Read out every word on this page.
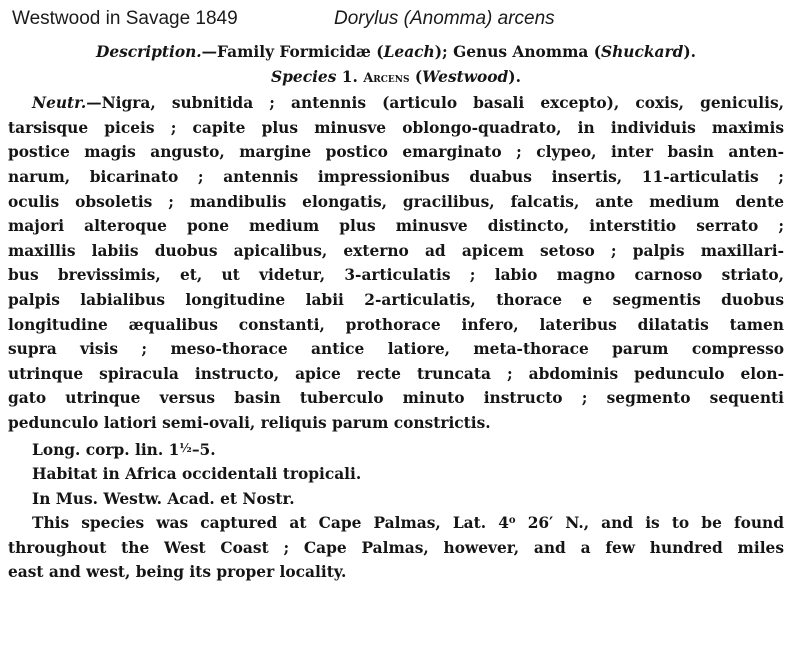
Westwood in Savage 1849	Dorylus (Anomma) arcens
Description.—Family Formicidæ (Leach); Genus Anomma (Shuckard).
Species 1. Arcens (Westwood).
Neutr.—Nigra, subnitida ; antennis (articulo basali excepto), coxis, geniculis,
tarsisque piceis ; capite plus minusve oblongo-quadrato, in individuis maximis
postice magis angusto, margine postico emarginato ; clypeo, inter basin anten-
narum, bicarinato ; antennis impressionibus duabus insertis, 11-articulatis ;
oculis obsoletis ; mandibulis elongatis, gracilibus, falcatis, ante medium dente
majori alteroque pone medium plus minusve distincto, interstitio serrato ;
maxillis labiis duobus apicalibus, externo ad apicem setoso ; palpis maxillari-
bus brevissimis, et, ut videtur, 3-articulatis ; labio magno carnoso striato,
palpis labialibus longitudine labii 2-articulatis, thorace e segmentis duobus
longitudine æqualibus constanti, prothorace infero, lateribus dilatatis tamen
supra visis ; meso-thorace antice latiore, meta-thorace parum compresso
utrinque spiracula instructo, apice recte truncata ; abdominis pedunculo elon-
gato utrinque versus basin tuberculo minuto instructo ; segmento sequenti
pedunculo latiori semi-ovali, reliquis parum constrictis.
Long. corp. lin. 1½–5.
Habitat in Africa occidentali tropicali.
In Mus. Westw. Acad. et Nostr.
This species was captured at Cape Palmas, Lat. 4$^o$ 26′ N., and is to be found
throughout the West Coast ; Cape Palmas, however, and a few hundred miles
east and west, being its proper locality.
